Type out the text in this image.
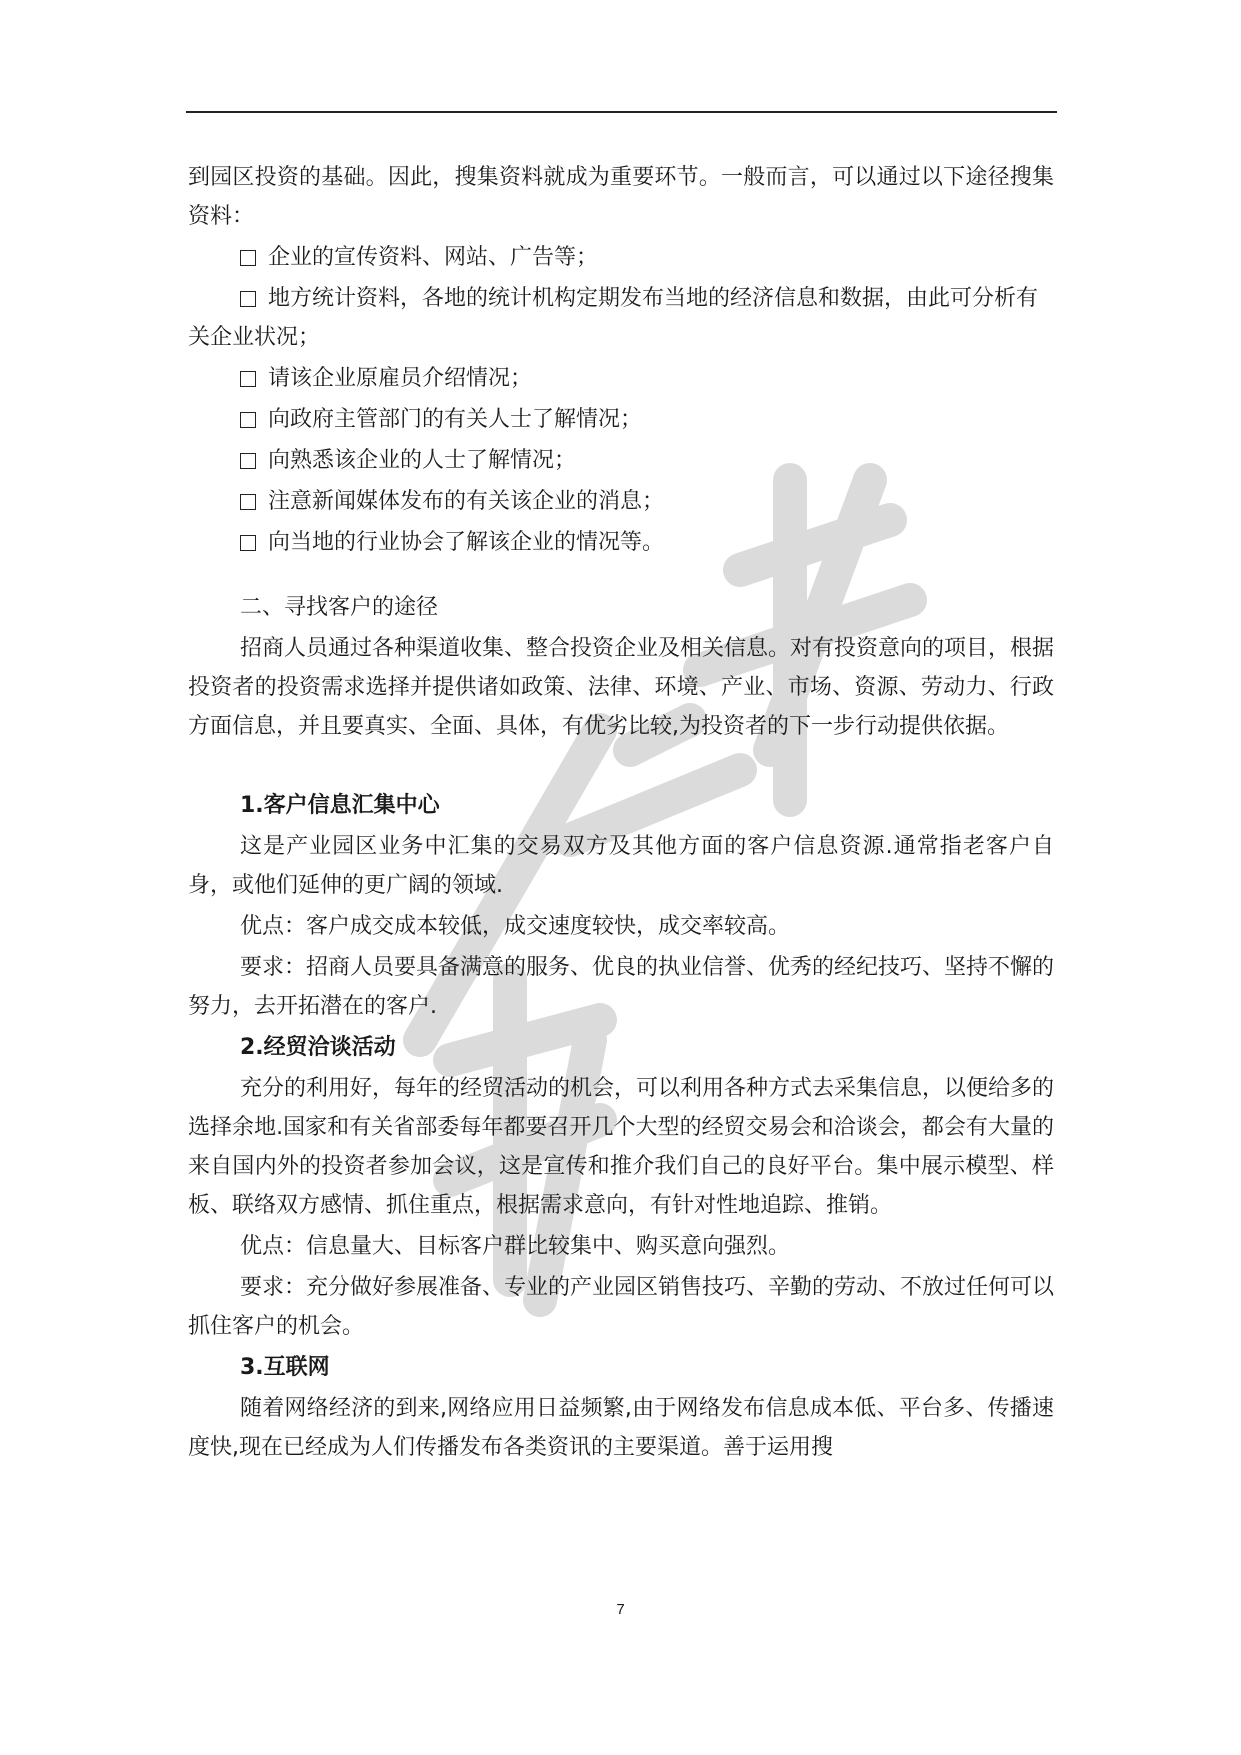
到园区投资的基础。因此，搜集资料就成为重要环节。一般而言，可以通过以下途径搜集资料：

企业的宣传资料、网站、广告等；

地方统计资料，各地的统计机构定期发布当地的经济信息和数据，由此可分析有关企业状况；

请该企业原雇员介绍情况；

向政府主管部门的有关人士了解情况；

向熟悉该企业的人士了解情况；

注意新闻媒体发布的有关该企业的消息；

向当地的行业协会了解该企业的情况等。

二、寻找客户的途径

招商人员通过各种渠道收集、整合投资企业及相关信息。对有投资意向的项目，根据投资者的投资需求选择并提供诸如政策、法律、环境、产业、市场、资源、劳动力、行政方面信息，并且要真实、全面、具体，有优劣比较,为投资者的下一步行动提供依据。

1.客户信息汇集中心

这是产业园区业务中汇集的交易双方及其他方面的客户信息资源.通常指老客户自身，或他们延伸的更广阔的领域.

优点：客户成交成本较低，成交速度较快，成交率较高。

要求：招商人员要具备满意的服务、优良的执业信誉、优秀的经纪技巧、坚持不懈的努力，去开拓潜在的客户.

2.经贸洽谈活动

充分的利用好，每年的经贸活动的机会，可以利用各种方式去采集信息，以便给多的选择余地.国家和有关省部委每年都要召开几个大型的经贸交易会和洽谈会，都会有大量的来自国内外的投资者参加会议，这是宣传和推介我们自己的良好平台。集中展示模型、样板、联络双方感情、抓住重点，根据需求意向，有针对性地追踪、推销。

优点：信息量大、目标客户群比较集中、购买意向强烈。

要求：充分做好参展准备、专业的产业园区销售技巧、辛勤的劳动、不放过任何可以抓住客户的机会。

3.互联网

随着网络经济的到来,网络应用日益频繁,由于网络发布信息成本低、平台多、传播速度快,现在已经成为人们传播发布各类资讯的主要渠道。善于运用搜

7
